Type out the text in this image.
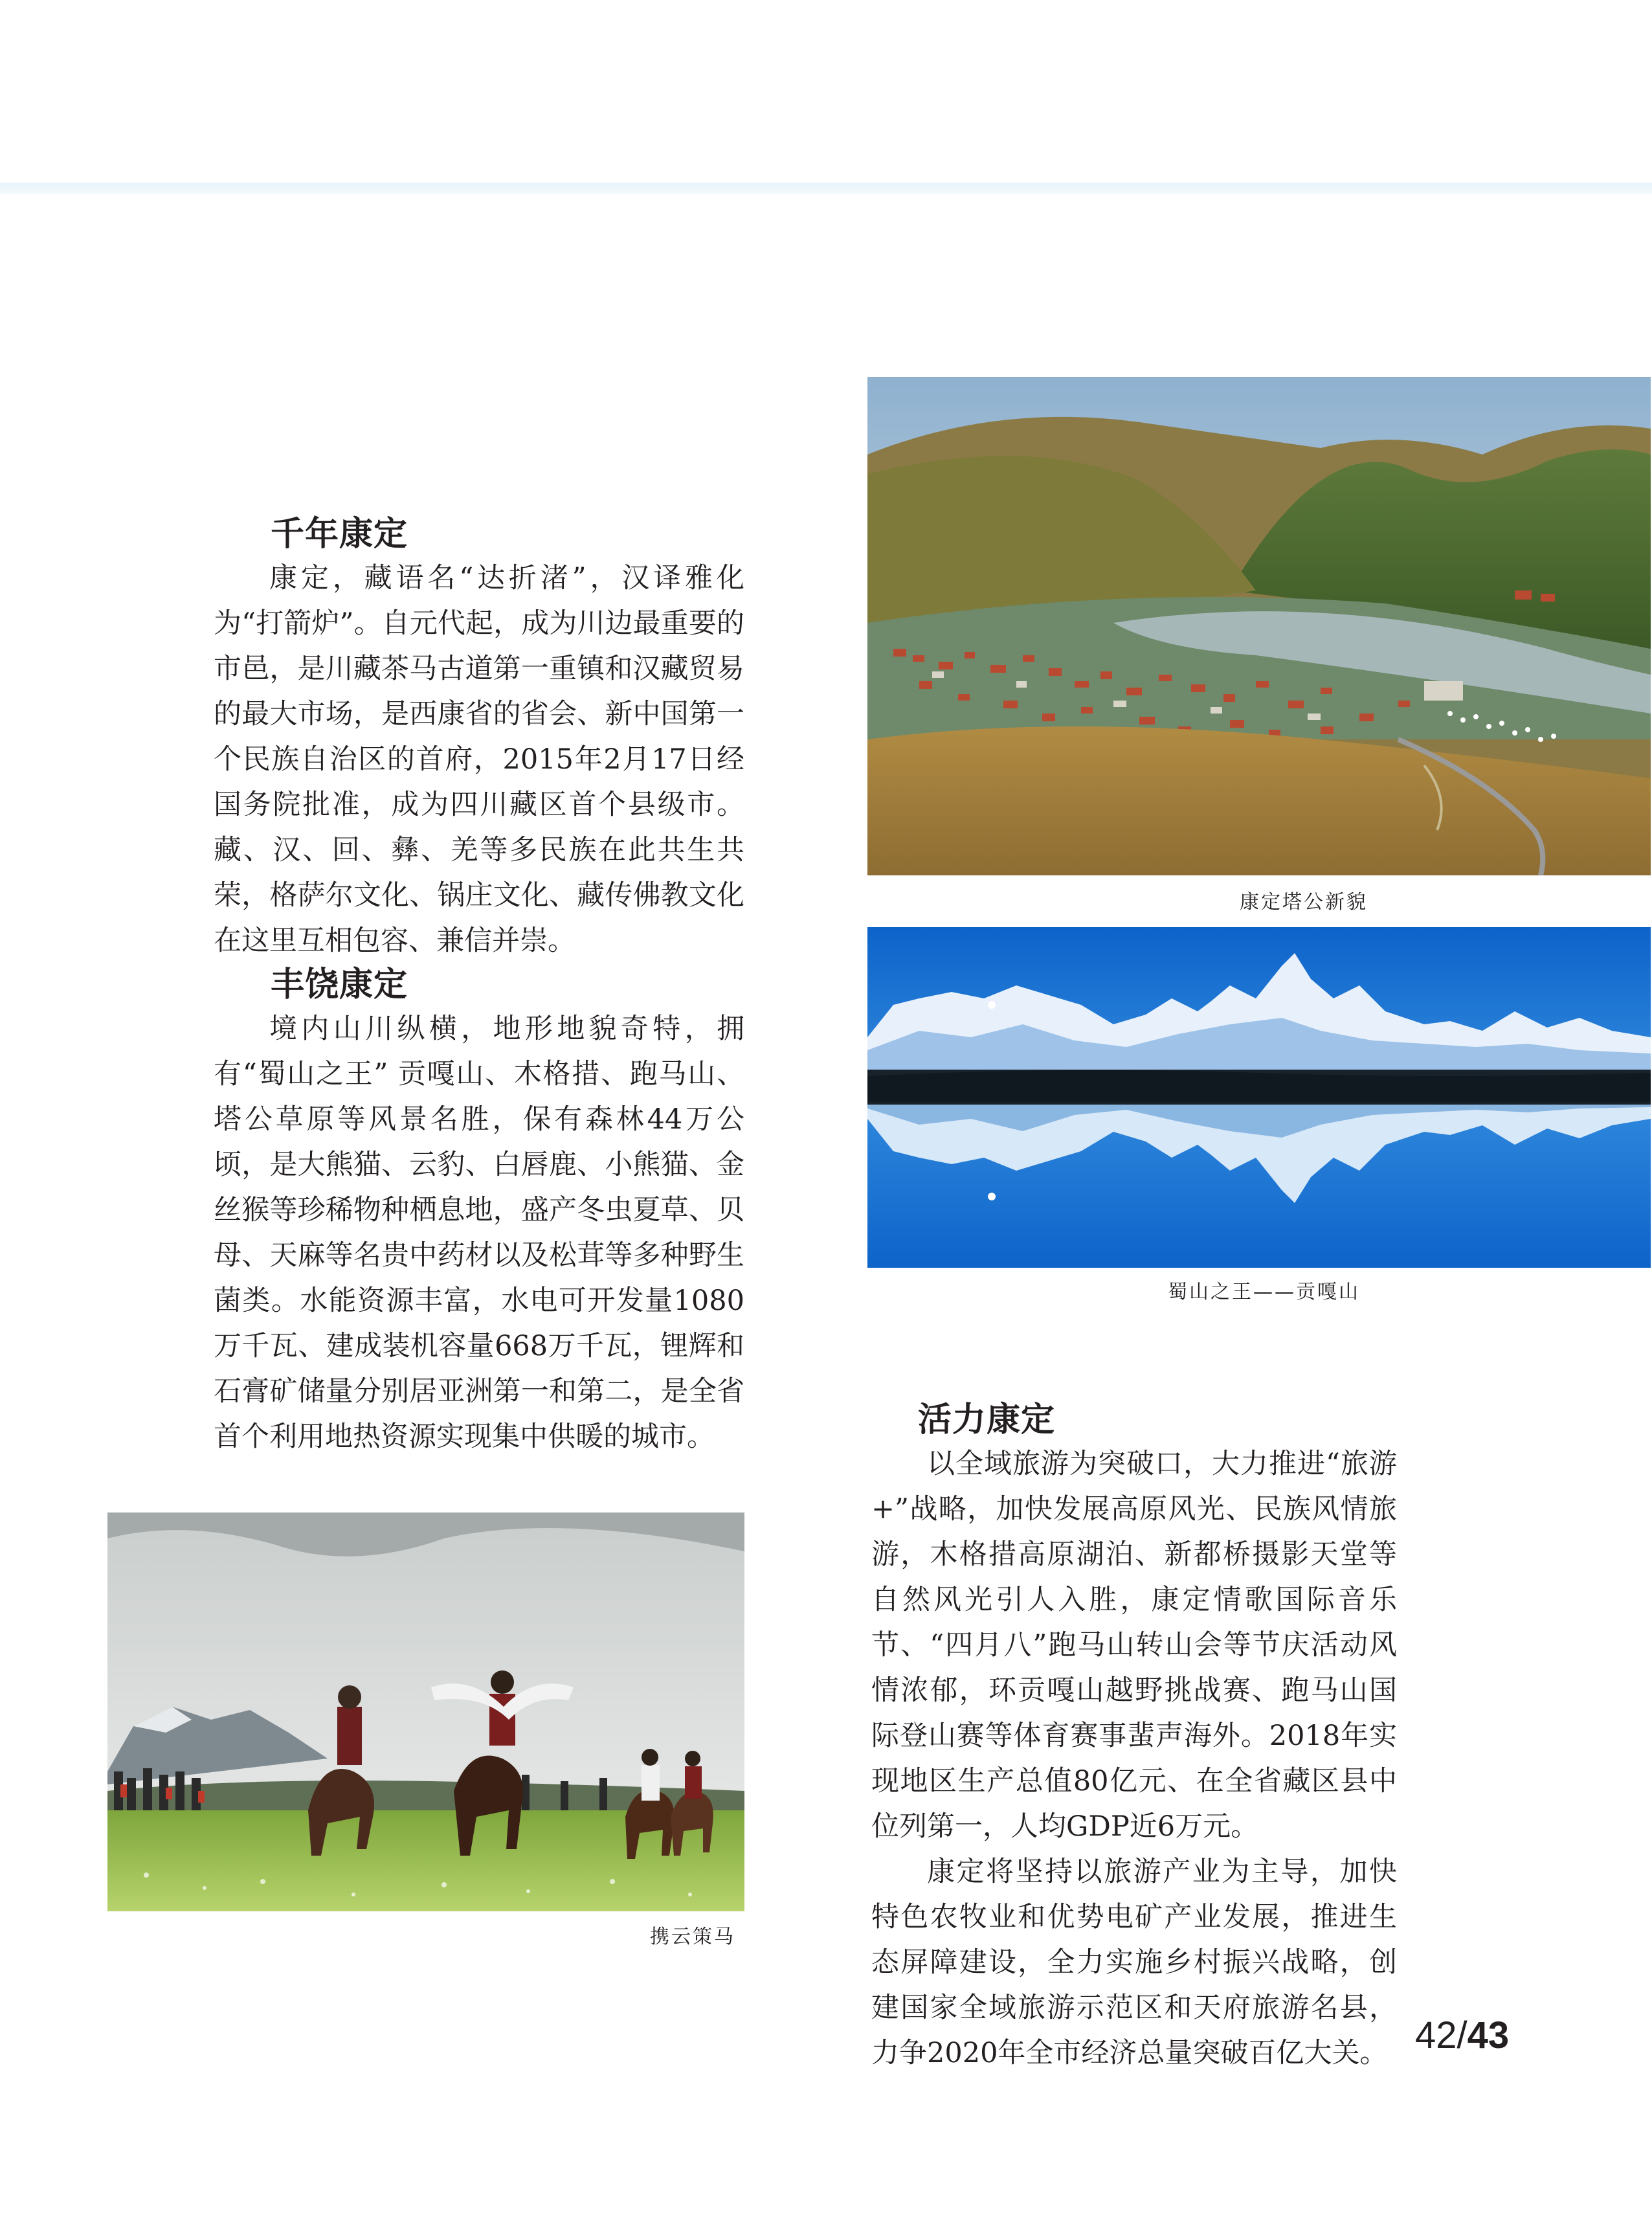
千年康定

康定，藏语名“达折渚”，汉译雅化为“打箭炉”。自元代起，成为川边最重要的市邑，是川藏茶马古道第一重镇和汉藏贸易的最大市场，是西康省的省会、新中国第一个民族自治区的首府，2015年2月17日经国务院批准，成为四川藏区首个县级市。藏、汉、回、彝、羌等多民族在此共生共荣，格萨尔文化、锅庄文化、藏传佛教文化在这里互相包容、兼信并崇。

丰饶康定

境内山川纵横，地形地貌奇特，拥有“蜀山之王” 贡嘎山、木格措、跑马山、塔公草原等风景名胜，保有森林44万公顷，是大熊猫、云豹、白唇鹿、小熊猫、金丝猴等珍稀物种栖息地，盛产冬虫夏草、贝母、天麻等名贵中药材以及松茸等多种野生菌类。水能资源丰富，水电可开发量1080万千瓦、建成装机容量668万千瓦，锂辉和石膏矿储量分别居亚洲第一和第二，是全省首个利用地热资源实现集中供暖的城市。

康定塔公新貌
蜀山之王——贡嘎山
携云策马
活力康定

以全域旅游为突破口，大力推进“旅游+”战略，加快发展高原风光、民族风情旅游，木格措高原湖泊、新都桥摄影天堂等自然风光引人入胜，康定情歌国际音乐节、“四月八”跑马山转山会等节庆活动风情浓郁，环贡嘎山越野挑战赛、跑马山国际登山赛等体育赛事蜚声海外。2018年实现地区生产总值80亿元、在全省藏区县中位列第一，人均GDP近6万元。

康定将坚持以旅游产业为主导，加快特色农牧业和优势电矿产业发展，推进生态屏障建设，全力实施乡村振兴战略，创建国家全域旅游示范区和天府旅游名县，力争2020年全市经济总量突破百亿大关。 42/43
